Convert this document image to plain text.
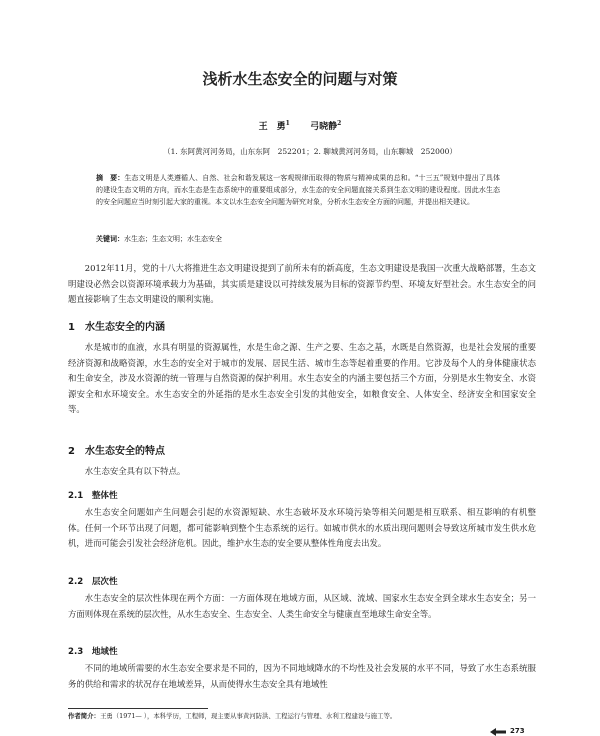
浅析水生态安全的问题与对策
王　勇$^1$ 弓晓静$^2$
（1. 东阿黄河河务局，山东东阿　252201；2. 聊城黄河河务局，山东聊城　252000）
摘　要：生态文明是人类遵循人、自然、社会和谐发展这一客观规律而取得的物质与精神成果的总和。“十三五”规划中提出了具体的建设生态文明的方向，而水生态是生态系统中的重要组成部分，水生态的安全问题直接关系到生态文明的建设程度。因此水生态的安全问题应当时刻引起大家的重视。本文以水生态安全问题为研究对象，分析水生态安全方面的问题，并提出相关建议。
关键词：水生态；生态文明；水生态安全
2012年11月，党的十八大将推进生态文明建设提到了前所未有的新高度，生态文明建设是我国一次重大战略部署，生态文明建设必然会以资源环境承载力为基础，其实质是建设以可持续发展为目标的资源节约型、环境友好型社会。水生态安全的问题直接影响了生态文明建设的顺利实施。
1　水生态安全的内涵
水是城市的血液，水具有明显的资源属性，水是生命之源、生产之要、生态之基，水既是自然资源，也是社会发展的重要经济资源和战略资源，水生态的安全对于城市的发展、居民生活、城市生态等起着重要的作用。它涉及每个人的身体健康状态和生命安全，涉及水资源的统一管理与自然资源的保护利用。水生态安全的内涵主要包括三个方面，分别是水生物安全、水资源安全和水环境安全。水生态安全的外延指的是水生态安全引发的其他安全，如粮食安全、人体安全、经济安全和国家安全等。
2　水生态安全的特点
水生态安全具有以下特点。
2.1　整体性
水生态安全问题如产生问题会引起的水资源短缺、水生态破坏及水环境污染等相关问题是相互联系、相互影响的有机整体。任何一个环节出现了问题，都可能影响到整个生态系统的运行。如城市供水的水质出现问题则会导致这所城市发生供水危机，进而可能会引发社会经济危机。因此，维护水生态的安全要从整体性角度去出发。
2.2　层次性
水生态安全的层次性体现在两个方面：一方面体现在地域方面，从区域、流域、国家水生态安全到全球水生态安全；另一方面则体现在系统的层次性，从水生态安全、生态安全、人类生命安全与健康直至地球生命安全等。
2.3　地域性
不同的地域所需要的水生态安全要求是不同的，因为不同地域降水的不均性及社会发展的水平不同，导致了水生态系统服务的供给和需求的状况存在地域差异，从而使得水生态安全具有地域性
作者简介：王勇（1971— ），本科学历，工程师，现主要从事黄河防洪、工程运行与管理、水利工程建设与施工等。
273
